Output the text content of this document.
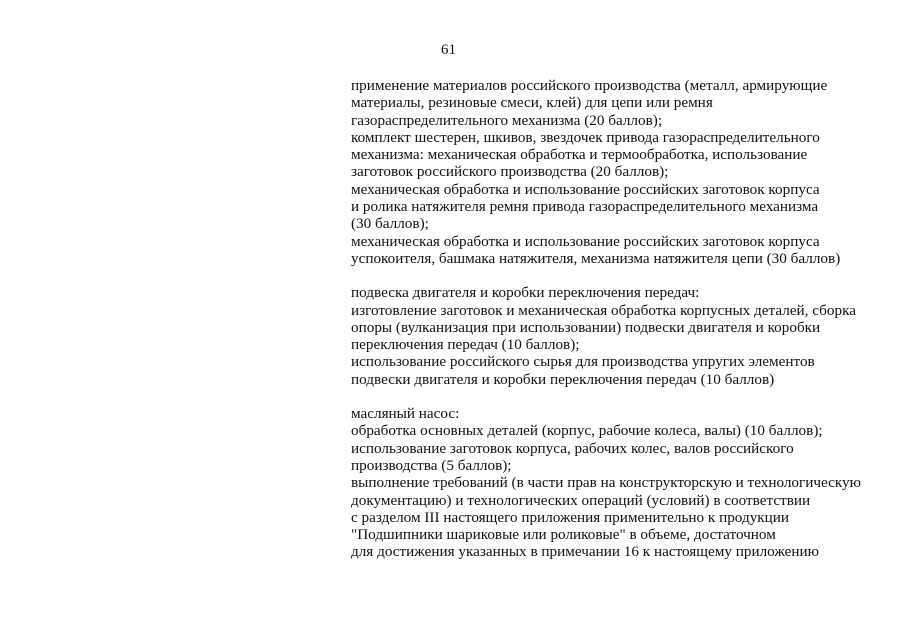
61
применение материалов российского производства (металл, армирующие
материалы, резиновые смеси, клей) для цепи или ремня
газораспределительного механизма (20 баллов);
комплект шестерен, шкивов, звездочек привода газораспределительного
механизма: механическая обработка и термообработка, использование
заготовок российского производства (20 баллов);
механическая обработка и использование российских заготовок корпуса
и ролика натяжителя ремня привода газораспределительного механизма
(30 баллов);
механическая обработка и использование российских заготовок корпуса
успокоителя, башмака натяжителя, механизма натяжителя цепи (30 баллов)
подвеска двигателя и коробки переключения передач:
изготовление заготовок и механическая обработка корпусных деталей, сборка
опоры (вулканизация при использовании) подвески двигателя и коробки
переключения передач (10 баллов);
использование российского сырья для производства упругих элементов
подвески двигателя и коробки переключения передач (10 баллов)
масляный насос:
обработка основных деталей (корпус, рабочие колеса, валы) (10 баллов);
использование заготовок корпуса, рабочих колес, валов российского
производства (5 баллов);
выполнение требований (в части прав на конструкторскую и технологическую
документацию) и технологических операций (условий) в соответствии
с разделом III настоящего приложения применительно к продукции
"Подшипники шариковые или роликовые" в объеме, достаточном
для достижения указанных в примечании 16 к настоящему приложению
